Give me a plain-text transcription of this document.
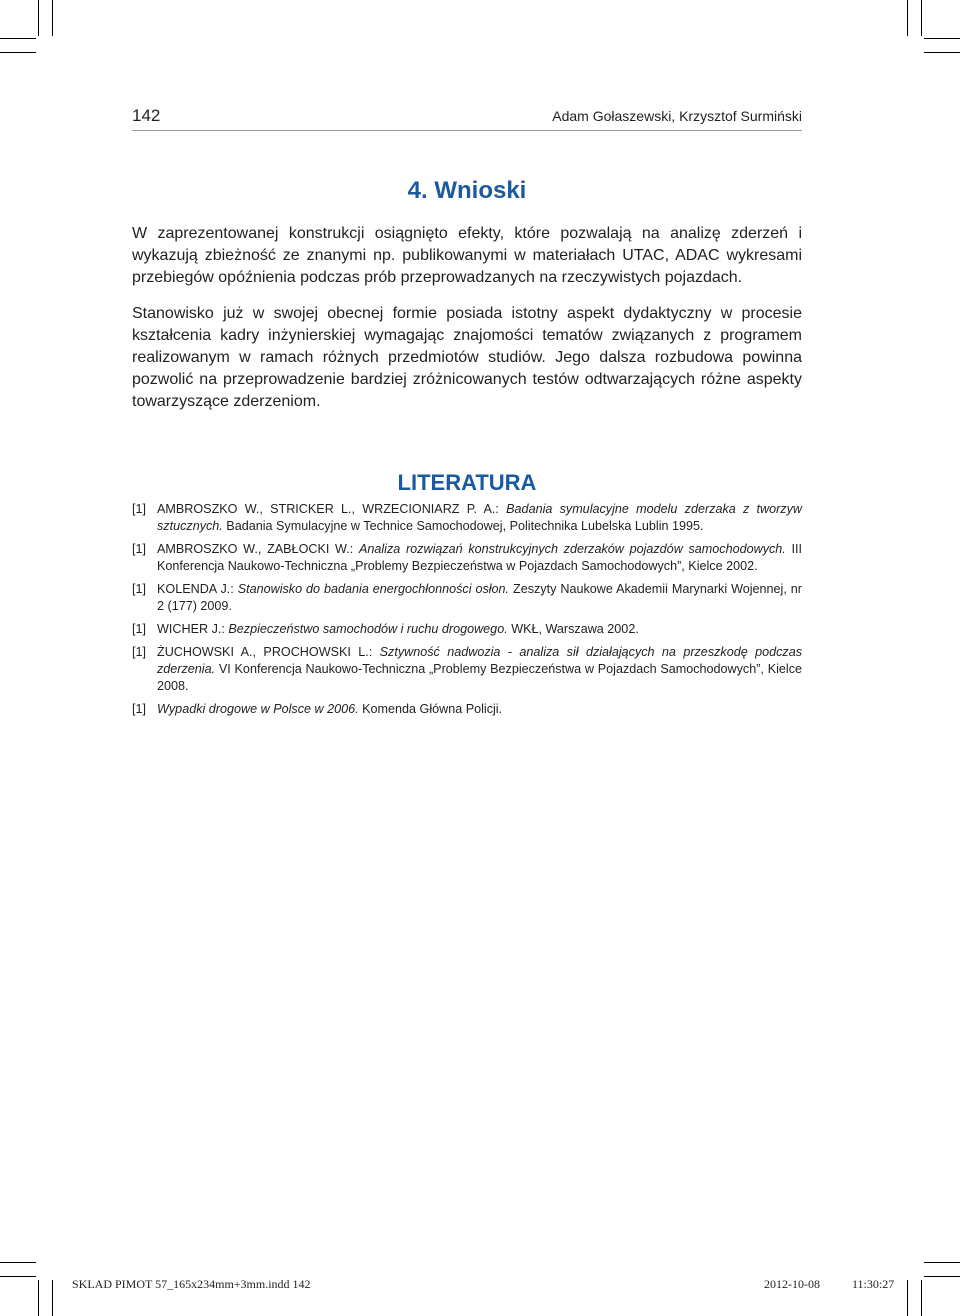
142	Adam Gołaszewski, Krzysztof Surmiński
4. Wnioski

W zaprezentowanej konstrukcji osiągnięto efekty, które pozwalają na analizę zderzeń i wykazują zbieżność ze znanymi np. publikowanymi w materiałach UTAC, ADAC wykresami przebiegów opóźnienia podczas prób przeprowadzanych na rzeczywistych pojazdach.

Stanowisko już w swojej obecnej formie posiada istotny aspekt dydaktyczny w procesie kształcenia kadry inżynierskiej wymagając znajomości tematów związanych z programem realizowanym w ramach różnych przedmiotów studiów. Jego dalsza rozbudowa powinna pozwolić na przeprowadzenie bardziej zróżnicowanych testów odtwarzających różne aspekty towarzyszące zderzeniom.

LITERATURA
[1] AMBROSZKO W., STRICKER L., WRZECIONIARZ P. A.: Badania symulacyjne modelu zderzaka z tworzyw sztucznych. Badania Symulacyjne w Technice Samochodowej, Politechnika Lubelska Lublin 1995.
[1] AMBROSZKO W., ZABŁOCKI W.: Analiza rozwiązań konstrukcyjnych zderzaków pojazdów samochodowych. III Konferencja Naukowo-Techniczna „Problemy Bezpieczeństwa w Pojazdach Samochodowych”, Kielce 2002.
[1] KOLENDA J.: Stanowisko do badania energochłonności osłon. Zeszyty Naukowe Akademii Marynarki Wojennej, nr 2 (177) 2009.
[1] WICHER J.: Bezpieczeństwo samochodów i ruchu drogowego. WKŁ, Warszawa 2002.
[1] ŻUCHOWSKI A., PROCHOWSKI L.: Sztywność nadwozia - analiza sił działających na przeszkodę podczas zderzenia. VI Konferencja Naukowo-Techniczna „Problemy Bezpieczeństwa w Pojazdach Samochodowych”, Kielce 2008.
[1] Wypadki drogowe w Polsce w 2006. Komenda Główna Policji.
SKLAD PIMOT 57_165x234mm+3mm.indd 142	2012-10-08	11:30:27
